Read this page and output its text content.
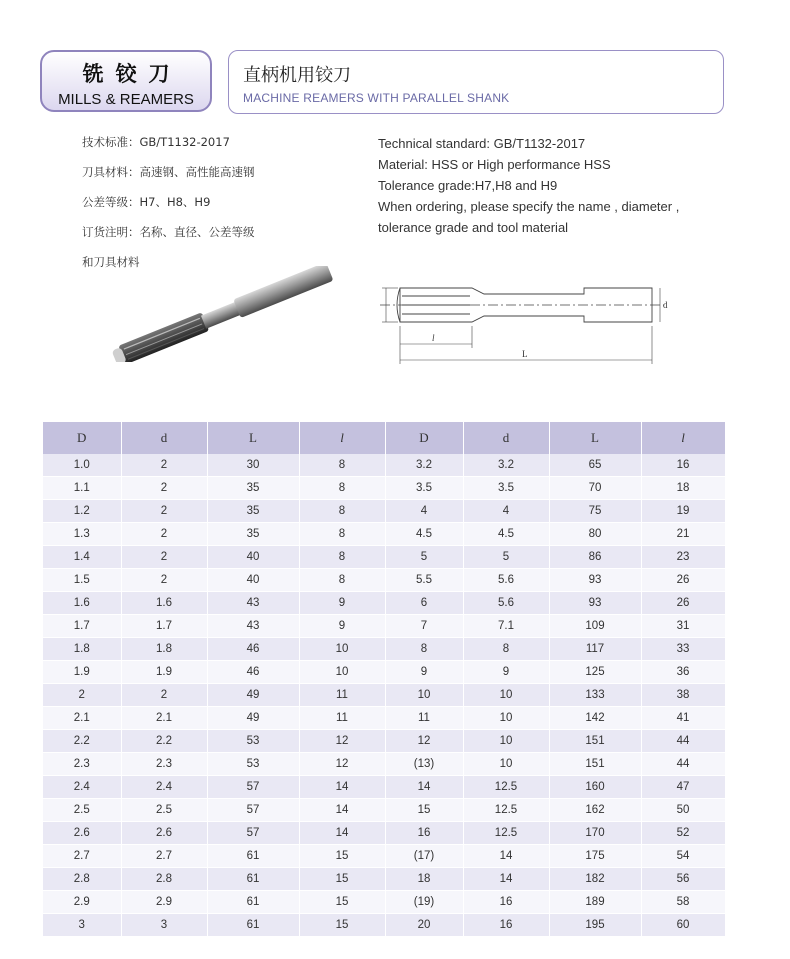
铣铰刀
MILLS & REAMERS
直柄机用铰刀
MACHINE REAMERS WITH PARALLEL SHANK
技术标准：GB/T1132-2017
刀具材料：高速钢、高性能高速钢
公差等级：H7、H8、H9
订货注明：名称、直径、公差等级
和刀具材料
Technical standard: GB/T1132-2017
Material: HSS or High performance HSS
Tolerance grade:H7,H8 and H9
When ordering, please specify the name , diameter ,
tolerance grade and tool material
l
L
d
D	d	L	l	D	d	L	l
1.0	2	30	8	3.2	3.2	65	16
1.1	2	35	8	3.5	3.5	70	18
1.2	2	35	8	4	4	75	19
1.3	2	35	8	4.5	4.5	80	21
1.4	2	40	8	5	5	86	23
1.5	2	40	8	5.5	5.6	93	26
1.6	1.6	43	9	6	5.6	93	26
1.7	1.7	43	9	7	7.1	109	31
1.8	1.8	46	10	8	8	117	33
1.9	1.9	46	10	9	9	125	36
2	2	49	11	10	10	133	38
2.1	2.1	49	11	11	10	142	41
2.2	2.2	53	12	12	10	151	44
2.3	2.3	53	12	(13)	10	151	44
2.4	2.4	57	14	14	12.5	160	47
2.5	2.5	57	14	15	12.5	162	50
2.6	2.6	57	14	16	12.5	170	52
2.7	2.7	61	15	(17)	14	175	54
2.8	2.8	61	15	18	14	182	56
2.9	2.9	61	15	(19)	16	189	58
3	3	61	15	20	16	195	60
